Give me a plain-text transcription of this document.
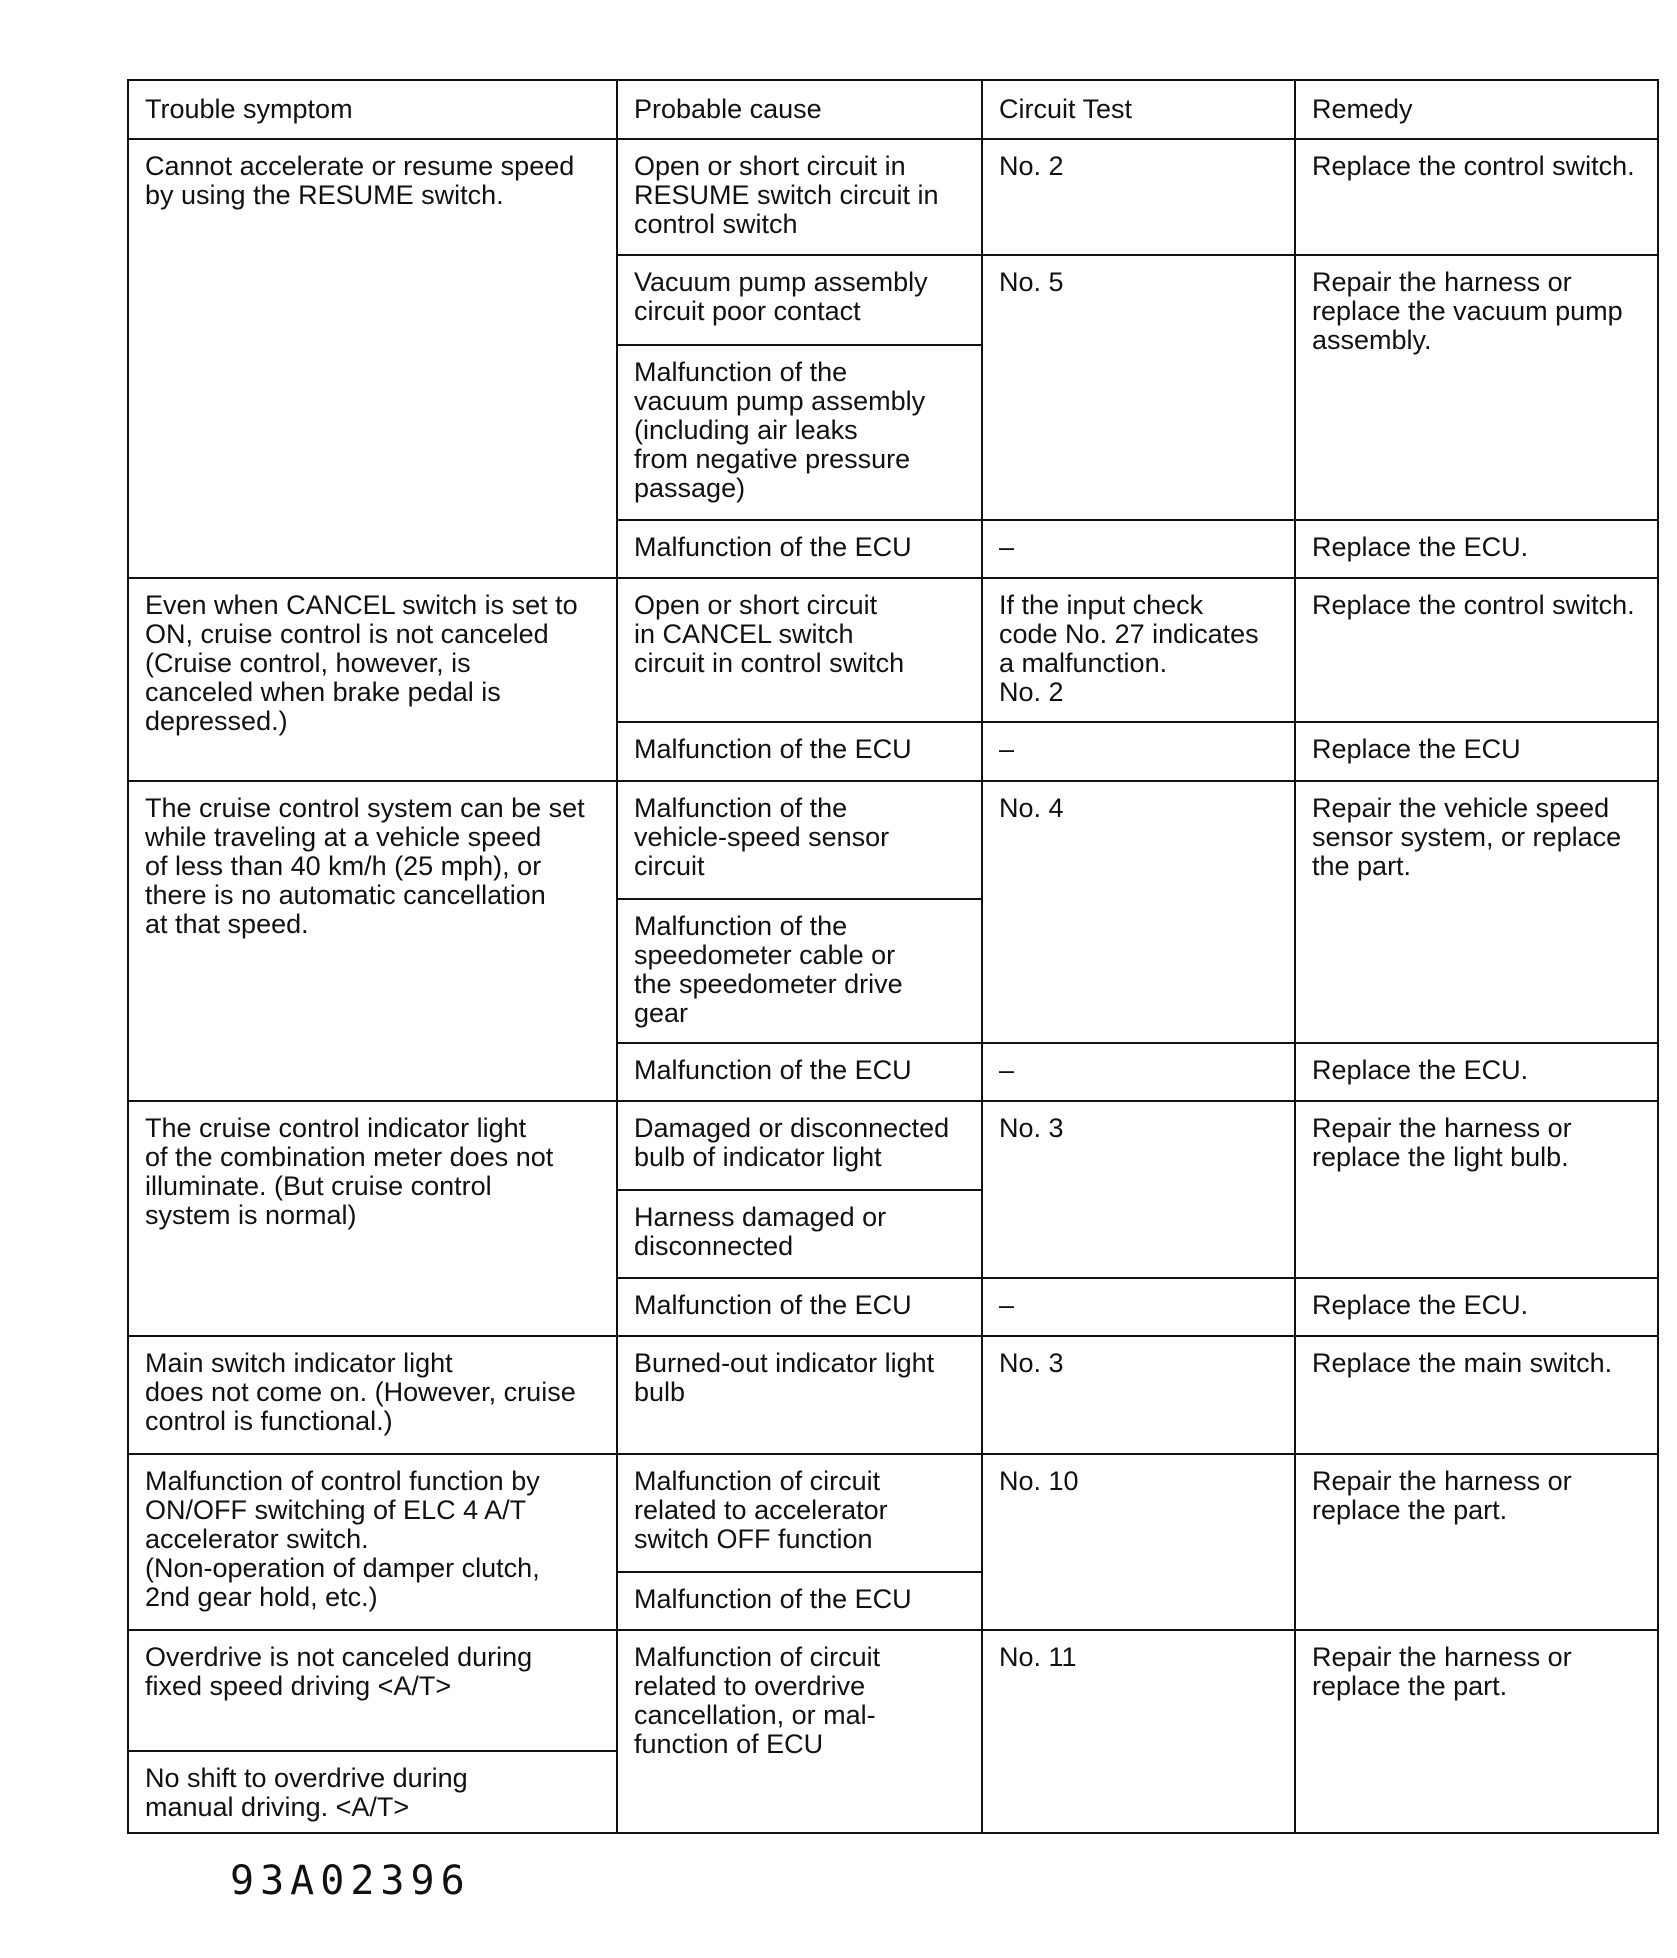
Trouble symptom	Probable cause	Circuit Test	Remedy
Cannot accelerate or resume speed
by using the RESUME switch.	Open or short circuit in
RESUME switch circuit in
control switch	No. 2	Replace the control switch.
	Vacuum pump assembly
circuit poor contact	No. 5	Repair the harness or
replace the vacuum pump
assembly.
	Malfunction of the
vacuum pump assembly
(including air leaks
from negative pressure
passage)		
	Malfunction of the ECU	–	Replace the ECU.
Even when CANCEL switch is set to
ON, cruise control is not canceled
(Cruise control, however, is
canceled when brake pedal is
depressed.)	Open or short circuit
in CANCEL switch
circuit in control switch	If the input check
code No. 27 indicates
a malfunction.
No. 2	Replace the control switch.
	Malfunction of the ECU	–	Replace the ECU
The cruise control system can be set
while traveling at a vehicle speed
of less than 40 km/h (25 mph), or
there is no automatic cancellation
at that speed.	Malfunction of the
vehicle-speed sensor
circuit	No. 4	Repair the vehicle speed
sensor system, or replace
the part.
	Malfunction of the
speedometer cable or
the speedometer drive
gear		
	Malfunction of the ECU	–	Replace the ECU.
The cruise control indicator light
of the combination meter does not
illuminate. (But cruise control
system is normal)	Damaged or disconnected
bulb of indicator light	No. 3	Repair the harness or
replace the light bulb.
	Harness damaged or
disconnected		
	Malfunction of the ECU	–	Replace the ECU.
Main switch indicator light
does not come on. (However, cruise
control is functional.)	Burned-out indicator light
bulb	No. 3	Replace the main switch.
Malfunction of control function by
ON/OFF switching of ELC 4 A/T
accelerator switch.
(Non-operation of damper clutch,
2nd gear hold, etc.)	Malfunction of circuit
related to accelerator
switch OFF function	No. 10	Repair the harness or
replace the part.
	Malfunction of the ECU		
Overdrive is not canceled during
fixed speed driving <A/T>	Malfunction of circuit
related to overdrive
cancellation, or mal-
function of ECU	No. 11	Repair the harness or
replace the part.
No shift to overdrive during
manual driving. <A/T>			
93A02396
